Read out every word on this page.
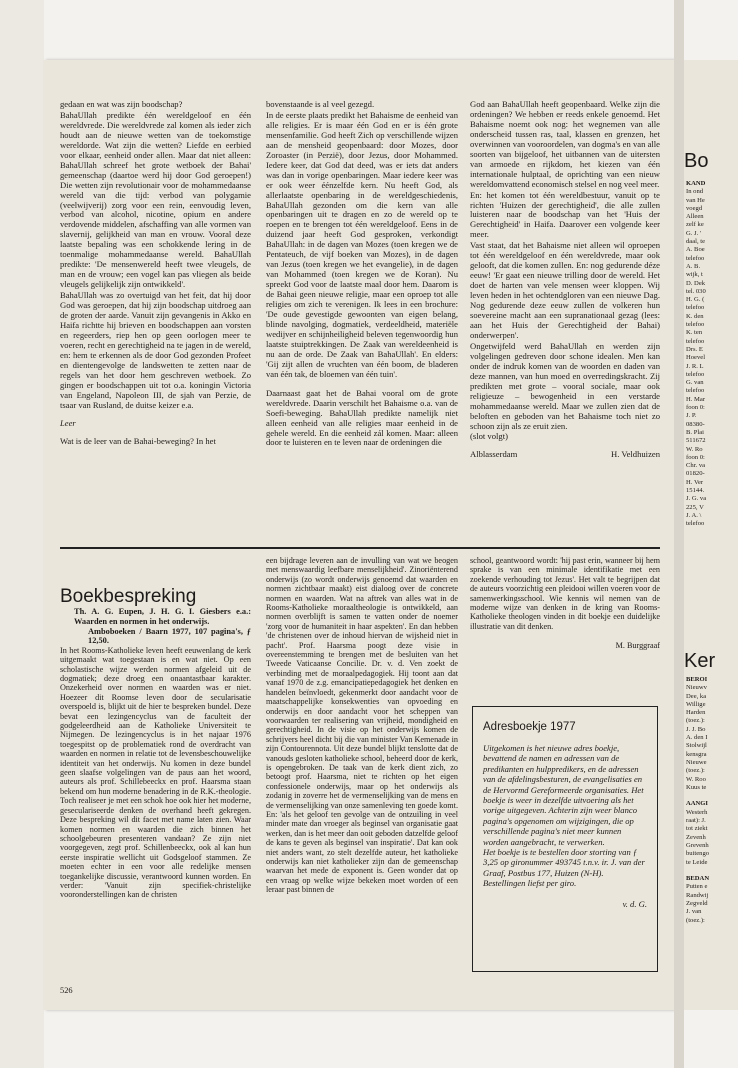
gedaan en wat was zijn boodschap?

BahaUllah predikte één wereldgeloof en één wereldvrede. Die wereldvrede zal komen als ieder zich houdt aan de nieuwe wetten van de toekomstige wereldorde. Wat zijn die wetten? Liefde en eerbied voor elkaar, eenheid onder allen. Maar dat niet alleen: BahaUllah schreef het grote wetboek der Bahai' gemeenschap (daartoe werd hij door God geroepen!) Die wetten zijn revolutionair voor de mohammedaanse wereld van die tijd: verbod van polygamie (veelwijverij) zorg voor een rein, eenvoudig leven, verbod van alcohol, nicotine, opium en andere verdovende middelen, afschaffing van alle vormen van slavernij, gelijkheid van man en vrouw. Vooral deze laatste bepaling was een schokkende lering in de toenmalige mohammedaanse wereld. BahaUllah predikte: 'De mensenwereld heeft twee vleugels, de man en de vrouw; een vogel kan pas vliegen als beide vleugels gelijkelijk zijn ontwikkeld'.

BahaUllah was zo overtuigd van het feit, dat hij door God was geroepen, dat hij zijn boodschap uitdroeg aan de groten der aarde. Vanuit zijn gevangenis in Akko en Haifa richtte hij brieven en boodschappen aan vorsten en regeerders, riep hen op geen oorlogen meer te voeren, recht en gerechtigheid na te jagen in de wereld, en: hem te erkennen als de door God gezonden Profeet en dientengevolge de landswetten te zetten naar de regels van het door hem geschreven wetboek. Zo gingen er boodschappen uit tot o.a. koningin Victoria van Engeland, Napoleon III, de sjah van Perzie, de tsaar van Rusland, de duitse keizer e.a.

Leer

Wat is de leer van de Bahai-beweging? In het

bovenstaande is al veel gezegd.

In de eerste plaats predikt het Bahaisme de eenheid van alle religies. Er is maar één God en er is één grote mensenfamilie. God heeft Zich op verschillende wijzen aan de mensheid geopenbaard: door Mozes, door Zoroaster (in Perzië), door Jezus, door Mohammed. Iedere keer, dat God dat deed, was er iets dat anders was dan in vorige openbaringen. Maar iedere keer was er ook weer éénzelfde kern. Nu heeft God, als allerlaatste openbaring in de wereldgeschiedenis, BahaUllah gezonden om die kern van alle openbaringen uit te dragen en zo de wereld op te roepen en te brengen tot één wereldgeloof. Eens in de duizend jaar heeft God gesproken, verkondigt BahaUllah: in de dagen van Mozes (toen kregen we de Pentateuch, de vijf boeken van Mozes), in de dagen van Jezus (toen kregen we het evangelie), in de dagen van Mohammed (toen kregen we de Koran). Nu spreekt God voor de laatste maal door hem. Daarom is de Bahai geen nieuwe religie, maar een oproep tot alle religies om zich te verenigen. Ik lees in een brochure: 'De oude gevestigde gewoonten van eigen belang, blinde navolging, dogmatiek, verdeeldheid, materiële wedijver en schijnheiligheid beleven tegenwoordig hun laatste stuiptrekkingen. De Zaak van wereldeenheid is nu aan de orde. De Zaak van BahaUllah'. En elders: 'Gij zijt allen de vruchten van één boom, de bladeren van één tak, de bloemen van één tuin'.

Daarnaast gaat het de Bahai vooral om de grote wereldvrede. Daarin verschilt het Bahaisme o.a. van de Soefi-beweging. BahaUllah predikte namelijk niet alleen eenheid van alle religies maar eenheid in de gehele wereld. En die eenheid zál komen. Maar: alleen door te luisteren en te leven naar de ordeningen die

God aan BahaUllah heeft geopenbaard. Welke zijn die ordeningen? We hebben er reeds enkele genoemd. Het Bahaisme noemt ook nog: het wegnemen van alle onderscheid tussen ras, taal, klassen en grenzen, het overwinnen van vooroordelen, van dogma's en van alle soorten van bijgeloof, het uitbannen van de uitersten van armoede en rijkdom, het kiezen van één internationale hulptaal, de oprichting van een nieuw wereldomvattend economisch stelsel en nog veel meer.

En: het komen tot één wereldbestuur, vanuit op te richten 'Huizen der gerechtigheid', die alle zullen luisteren naar de boodschap van het 'Huis der Gerechtigheid' in Haifa. Daarover een volgende keer meer.

Vast staat, dat het Bahaisme niet alleen wil oproepen tot één wereldgeloof en één wereldvrede, maar ook gelooft, dat die komen zullen. En: nog gedurende déze eeuw! 'Er gaat een nieuwe trilling door de wereld. Het doet de harten van vele mensen weer kloppen. Wij leven heden in het ochtendgloren van een nieuwe Dag. Nog gedurende deze eeuw zullen de volkeren hun soevereine macht aan een supranationaal gezag (lees: aan het Huis der Gerechtigheid der Bahai) onderwerpen'.

Ongetwijfeld werd BahaUllah en werden zijn volgelingen gedreven door schone idealen. Men kan onder de indruk komen van de woorden en daden van deze mannen, van hun moed en overredingskracht. Zij predikten met grote – vooral sociale, maar ook religieuze – bewogenheid in een verstarde mohammedaanse wereld. Maar we zullen zien dat de beloften en geboden van het Bahaisme toch niet zo schoon zijn als ze eruit zien.

(slot volgt)

Alblasserdam	H. Veldhuizen
Boekbespreking
Th. A. G. Eupen, J. H. G. I. Giesbers e.a.: Waarden en normen in het onderwijs.
Amboboeken / Baarn 1977, 107 pagina's, ƒ 12,50.

In het Rooms-Katholieke leven heeft eeuwenlang de kerk uitgemaakt wat toegestaan is en wat niet. Op een scholastische wijze werden normen afgeleid uit de dogmatiek; deze droeg een onaantastbaar karakter. Onzekerheid over normen en waarden was er niet. Hoezeer dit Roomse leven door de secularisatie overspoeld is, blijkt uit de hier te bespreken bundel. Deze bevat een lezingencyclus van de faculteit der godgeleerdheid aan de Katholieke Universiteit te Nijmegen. De lezingencyclus is in het najaar 1976 toegespitst op de problematiek rond de overdracht van waarden en normen in relatie tot de levensbeschouwelijke identiteit van het onderwijs. Nu komen in deze bundel geen slaafse volgelingen van de paus aan het woord, auteurs als prof. Schillebeeckx en prof. Haarsma staan bekend om hun moderne benadering in de R.K.-theologie. Toch realiseer je met een schok hoe ook hier het moderne, geseculariseerde denken de overhand heeft gekregen. Deze bespreking wil dit facet met name laten zien. Waar komen normen en waarden die zich binnen het schoolgebeuren presenteren vandaan? Ze zijn niet voorgegeven, zegt prof. Schillenbeeckx, ook al kan hun eerste inspiratie wellicht uit Godsgeloof stammen. Ze moeten echter in een voor alle redelijke mensen toegankelijke discussie, verantwoord kunnen worden. En verder: 'Vanuit zijn specifiek-christelijke vooronderstellingen kan de christen

een bijdrage leveren aan de invulling van wat we beogen met menswaardig leefbare menselijkheid'. Zinoriënterend onderwijs (zo wordt onderwijs genoemd dat waarden en normen zichtbaar maakt) eist dialoog over de concrete normen en waarden. Wat na aftrek van alles wat in de Rooms-Katholieke moraaltheologie is ontwikkeld, aan normen overblijft is samen te vatten onder de noemer 'zorg voor de humaniteit in haar aspekten'. En dan hebben 'de christenen over de inhoud hiervan de wijsheid niet in pacht'. Prof. Haarsma poogt deze visie in overeenstemming te brengen met de besluiten van het Tweede Vaticaanse Concilie. Dr. v. d. Ven zoekt de verbinding met de moraalpedagogiek. Hij toont aan dat vanaf 1970 de z.g. emancipatiepedagogiek het denken en handelen beïnvloedt, gekenmerkt door aandacht voor de maatschappelijke konsekwenties van opvoeding en onderwijs en door aandacht voor het scheppen van voorwaarden ter realisering van vrijheid, mondigheid en gerechtigheid. In de visie op het onderwijs komen de schrijvers heel dicht bij die van minister Van Kemenade in zijn Contourennota. Uit deze bundel blijkt tenslotte dat de vanouds gesloten katholieke school, beheerd door de kerk, is opengebroken. De taak van de kerk dient zich, zo betoogt prof. Haarsma, niet te richten op het eigen confessionele onderwijs, maar op het onderwijs als zodanig in zoverre het de vermenselijking van de mens en de vermenselijking van onze samenleving ten goede komt. En: 'als het geloof ten gevolge van de ontzuiling in veel minder mate dan vroeger als beginsel van organisatie gaat werken, dan is het meer dan ooit geboden datzelfde geloof de kans te geven als beginsel van inspiratie'. Dat kan ook niet anders want, zo stelt dezelfde auteur, het katholieke onderwijs kan niet katholieker zijn dan de gemeenschap waarvan het mede de exponent is. Geen wonder dat op een vraag op welke wijze bekeken moet worden of een leraar past binnen de

school, geantwoord wordt: 'hij past erin, wanneer bij hem sprake is van een minimale identifikatie met een zoekende verhouding tot Jezus'. Het valt te begrijpen dat de auteurs voorzichtig een pleidooi willen voeren voor de samenwerkingsschool. Wie kennis wil nemen van de moderne wijze van denken in de kring van Rooms-Katholieke theologen vinden in dit boekje een duidelijke illustratie van dit denken.

M. Burggraaf

Adresboekje 1977

Uitgekomen is het nieuwe adres boekje, bevattend de namen en adressen van de predikanten en hulppredikers, en de adressen van de afdelingsbesturen, de evangelisaties en de Hervormd Gereformeerde organisaties. Het boekje is weer in dezelfde uitvoering als het vorige uitgegeven. Achterin zijn weer blanco pagina's opgenomen om wijzigingen, die op verschillende pagina's niet meer kunnen worden aangebracht, te verwerken.

Het boekje is te bestellen door storting van ƒ 3,25 op gironummer 493745 t.n.v. ir. J. van der Graaf, Postbus 177, Huizen (N-H).

Bestellingen liefst per giro.

v. d. G.

526
Bo
KAND
In ond
van He
voegd
Alleen
zelf ke
G. J. '
daal, te
A. Boe
telefoo
A. B.
wijk, t
D. Dek
tel. 030
H. G. (
telefoo
K. den
telefoo
K. ten
telefoo
Drs. E
Hoevel
J. R. L
telefoo
G. van
telefoo
H. Mar
foon 0:
J. P.
08380-
B. Plai
511672
W. Ro
foon 0:
Chr. va
01820-
H. Ver
15144.
J. G. va
225, V
J. A. \
telefoo
Ker
BEROI
Nieuwv
Dee, ka
Willige
Harden
(toez.):
J. J. Bo
A. den I
Stolwijl
kensgra
Nieuwe
(toez.):
W. Roo
Kuus te

AANGI
Westerh
raat): J.
tot ziekt
Zevenh
Grevenh
buitengo
te Leide

BEDAN
Putten e
Randwij
Zegveld
J. van
(toez.):
